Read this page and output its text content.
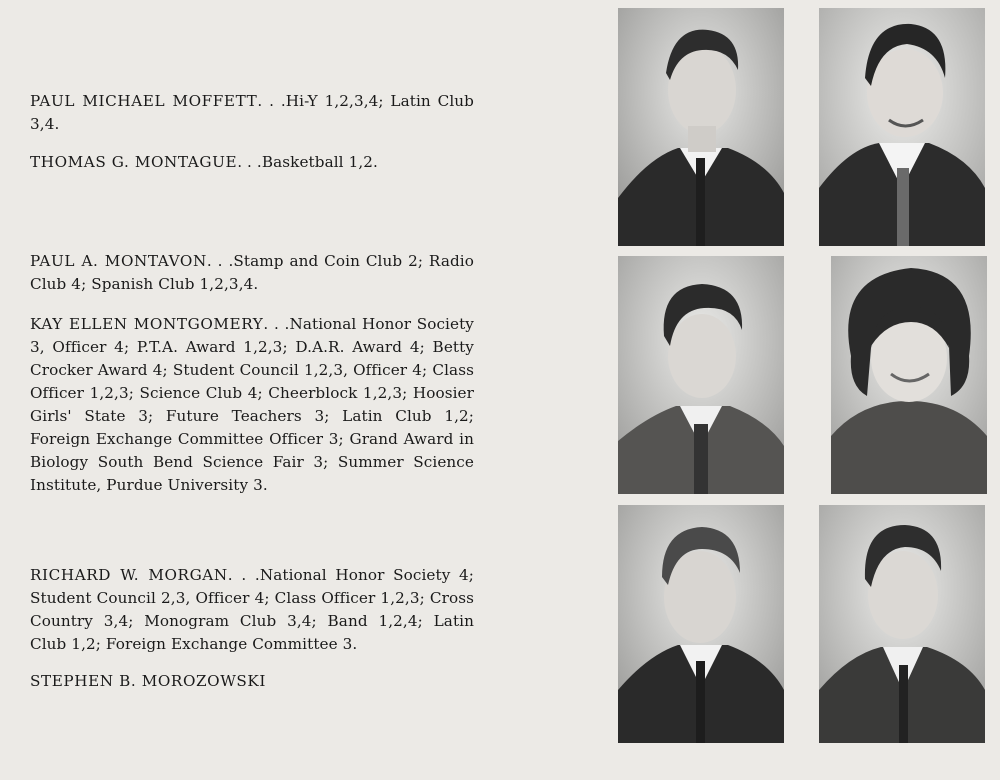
PAUL MICHAEL MOFFETT. . .Hi-Y 1,2,3,4; Latin Club 3,4.

THOMAS G. MONTAGUE. . .Basketball 1,2.

PAUL A. MONTAVON. . .Stamp and Coin Club 2; Radio Club 4; Spanish Club 1,2,3,4.

KAY ELLEN MONTGOMERY. . .National Honor Society 3, Officer 4; P.T.A. Award 1,2,3; D.A.R. Award 4; Betty Crocker Award 4; Student Council 1,2,3, Officer 4; Class Officer 1,2,3; Science Club 4; Cheerblock 1,2,3; Hoosier Girls' State 3; Future Teachers 3; Latin Club 1,2; Foreign Exchange Committee Officer 3; Grand Award in Biology South Bend Science Fair 3; Summer Science Institute, Purdue University 3.

RICHARD W. MORGAN. . .National Honor Society 4; Student Council 2,3, Officer 4; Class Officer 1,2,3; Cross Country 3,4; Monogram Club 3,4; Band 1,2,4; Latin Club 1,2; Foreign Exchange Committee 3.

STEPHEN B. MOROZOWSKI
